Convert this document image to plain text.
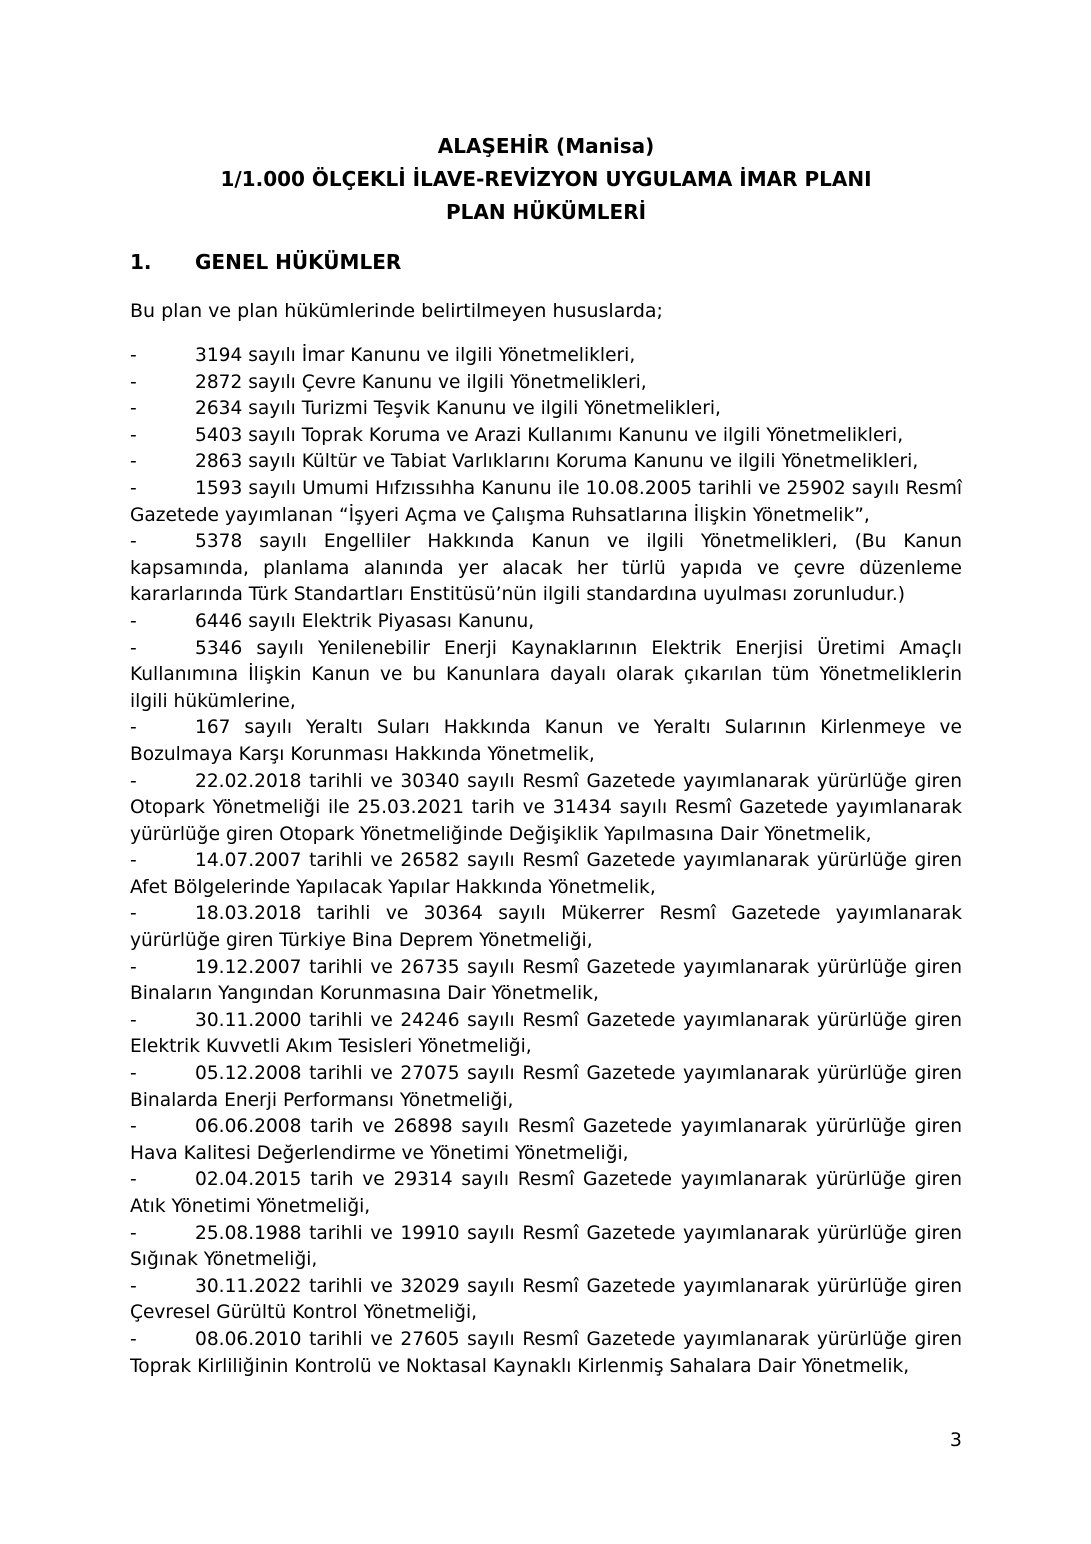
ALAŞEHİR (Manisa)
1/1.000 ÖLÇEKLİ İLAVE-REVİZYON UYGULAMA İMAR PLANI
PLAN HÜKÜMLERİ
1. GENEL HÜKÜMLER
Bu plan ve plan hükümlerinde belirtilmeyen hususlarda;
-	3194 sayılı İmar Kanunu ve ilgili Yönetmelikleri,
-	2872 sayılı Çevre Kanunu ve ilgili Yönetmelikleri,
-	2634 sayılı Turizmi Teşvik Kanunu ve ilgili Yönetmelikleri,
-	5403 sayılı Toprak Koruma ve Arazi Kullanımı Kanunu ve ilgili Yönetmelikleri,
-	2863 sayılı Kültür ve Tabiat Varlıklarını Koruma Kanunu ve ilgili Yönetmelikleri,
-	1593 sayılı Umumi Hıfzıssıhha Kanunu ile 10.08.2005 tarihli ve 25902 sayılı Resmî Gazetede yayımlanan “İşyeri Açma ve Çalışma Ruhsatlarına İlişkin Yönetmelik”,
-	5378 sayılı Engelliler Hakkında Kanun ve ilgili Yönetmelikleri, (Bu Kanun kapsamında, planlama alanında yer alacak her türlü yapıda ve çevre düzenleme kararlarında Türk Standartları Enstitüsü’nün ilgili standardına uyulması zorunludur.)
-	6446 sayılı Elektrik Piyasası Kanunu,
-	5346 sayılı Yenilenebilir Enerji Kaynaklarının Elektrik Enerjisi Üretimi Amaçlı Kullanımına İlişkin Kanun ve bu Kanunlara dayalı olarak çıkarılan tüm Yönetmeliklerin ilgili hükümlerine,
-	167 sayılı Yeraltı Suları Hakkında Kanun ve Yeraltı Sularının Kirlenmeye ve Bozulmaya Karşı Korunması Hakkında Yönetmelik,
-	22.02.2018 tarihli ve 30340 sayılı Resmî Gazetede yayımlanarak yürürlüğe giren Otopark Yönetmeliği ile 25.03.2021 tarih ve 31434 sayılı Resmî Gazetede yayımlanarak yürürlüğe giren Otopark Yönetmeliğinde Değişiklik Yapılmasına Dair Yönetmelik,
-	14.07.2007 tarihli ve 26582 sayılı Resmî Gazetede yayımlanarak yürürlüğe giren Afet Bölgelerinde Yapılacak Yapılar Hakkında Yönetmelik,
-	18.03.2018 tarihli ve 30364 sayılı Mükerrer Resmî Gazetede yayımlanarak yürürlüğe giren Türkiye Bina Deprem Yönetmeliği,
-	19.12.2007 tarihli ve 26735 sayılı Resmî Gazetede yayımlanarak yürürlüğe giren Binaların Yangından Korunmasına Dair Yönetmelik,
-	30.11.2000 tarihli ve 24246 sayılı Resmî Gazetede yayımlanarak yürürlüğe giren Elektrik Kuvvetli Akım Tesisleri Yönetmeliği,
-	05.12.2008 tarihli ve 27075 sayılı Resmî Gazetede yayımlanarak yürürlüğe giren Binalarda Enerji Performansı Yönetmeliği,
-	06.06.2008 tarih ve 26898 sayılı Resmî Gazetede yayımlanarak yürürlüğe giren Hava Kalitesi Değerlendirme ve Yönetimi Yönetmeliği,
-	02.04.2015 tarih ve 29314 sayılı Resmî Gazetede yayımlanarak yürürlüğe giren Atık Yönetimi Yönetmeliği,
-	25.08.1988 tarihli ve 19910 sayılı Resmî Gazetede yayımlanarak yürürlüğe giren Sığınak Yönetmeliği,
-	30.11.2022 tarihli ve 32029 sayılı Resmî Gazetede yayımlanarak yürürlüğe giren Çevresel Gürültü Kontrol Yönetmeliği,
-	08.06.2010 tarihli ve 27605 sayılı Resmî Gazetede yayımlanarak yürürlüğe giren Toprak Kirliliğinin Kontrolü ve Noktasal Kaynaklı Kirlenmiş Sahalara Dair Yönetmelik,
3
